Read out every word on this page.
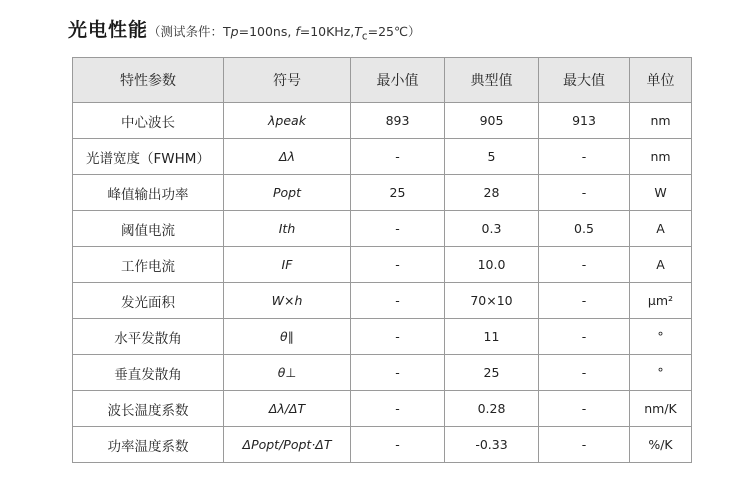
光电性能（测试条件：Tp=100ns, $f=10KHz,T_c=25℃$）
特性参数	符号	最小值	典型值	最大值	单位
中心波长	λpeak	893	905	913	nm
光谱宽度（FWHM）	Δλ	-	5	-	nm
峰值输出功率	Popt	25	28	-	W
阈值电流	Ith	-	0.3	0.5	A
工作电流	IF	-	10.0	-	A
发光面积	W×h	-	70×10	-	μm²
水平发散角	θ∥	-	11	-	°
垂直发散角	θ⊥	-	25	-	°
波长温度系数	Δλ/ΔT	-	0.28	-	nm/K
功率温度系数	ΔPopt/Popt·ΔT	-	-0.33	-	%/K
